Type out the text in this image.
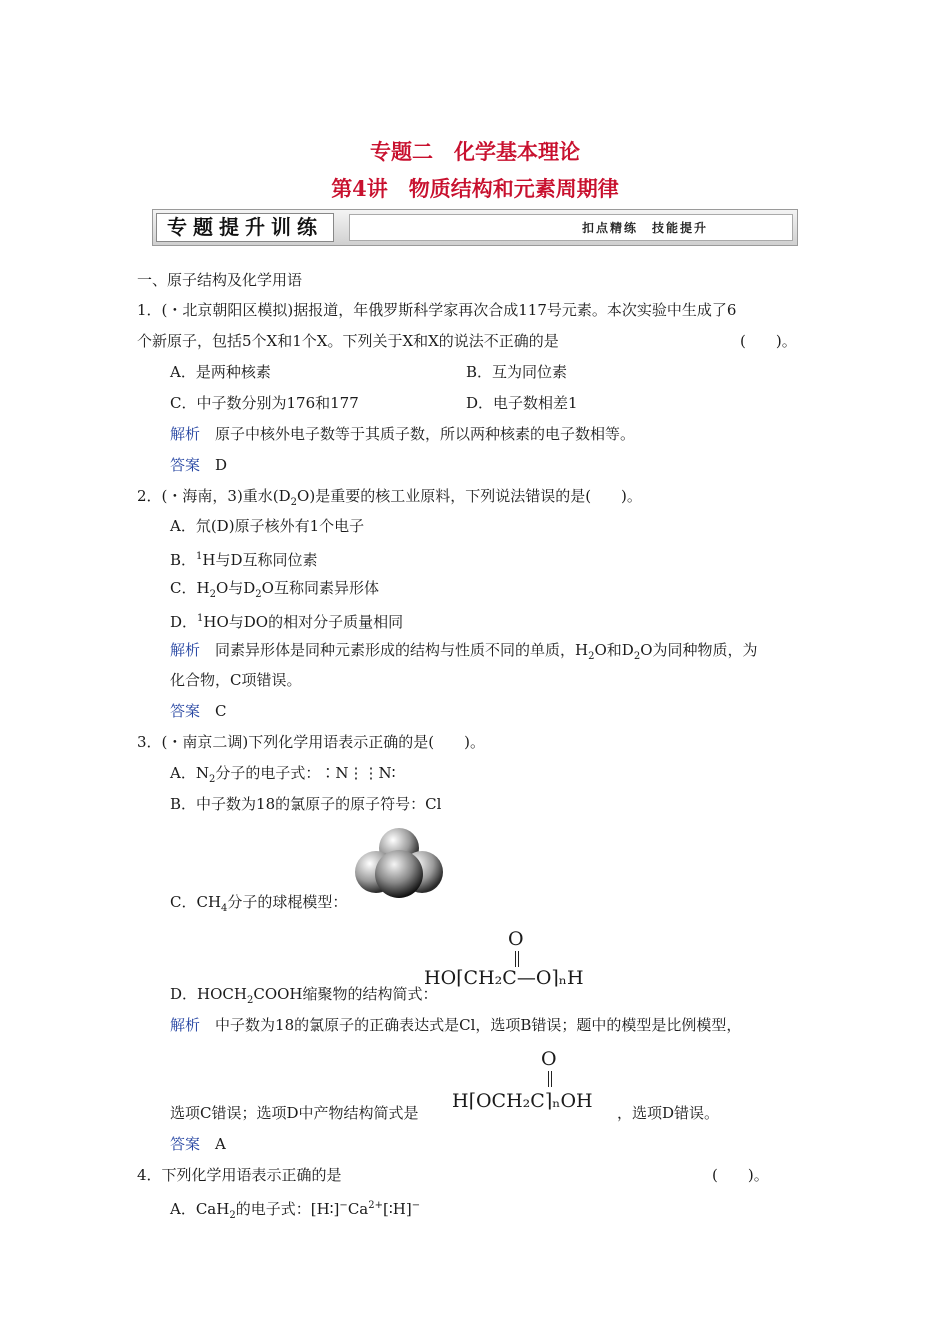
专题二　化学基本理论
第4讲　物质结构和元素周期律
专题提升训练	扣点精练　技能提升
一、原子结构及化学用语
1．(・北京朝阳区模拟)据报道，年俄罗斯科学家再次合成117号元素。本次实验中生成了6
个新原子，包括5个X和1个X。下列关于X和X的说法不正确的是	(　　)。
A．是两种核素	B．互为同位素
C．中子数分别为176和177	D．电子数相差1
解析　 原子中核外电子数等于其质子数，所以两种核素的电子数相等。
答案　 D
2．(・海南，3)重水$(D_2O)$是重要的核工业原料，下列说法错误的是(　　)。
A．氘(D)原子核外有1个电子
B．$^1$H与D互称同位素
C．$H_2O$与$D_2O$互称同素异形体
D．$^1$HO与DO的相对分子质量相同
解析　 同素异形体是同种元素形成的结构与性质不同的单质，$H_2O$和$D_2O$为同种物质，为
化合物，C项错误。
答案　 C
3．(・南京二调)下列化学用语表示正确的是(　　)。
A．$N_2$分子的电子式：∶N⋮⋮N∶
B．中子数为18的氯原子的原子符号：Cl
C．$CH_4$分子的球棍模型：
O
HO⌈CH₂C—O⌉ₙH
D．$HOCH_2COOH$缩聚物的结构简式：
解析　 中子数为18的氯原子的正确表达式是Cl，选项B错误；题中的模型是比例模型，
O
选项C错误；选项D中产物结构简式是
H⌈OCH₂C⌉ₙOH
，选项D错误。
答案　 A
4．下列化学用语表示正确的是	(　　)。
A．CaH$_2$的电子式：$[H∶]^-Ca^{2+}[∶H]^-$
